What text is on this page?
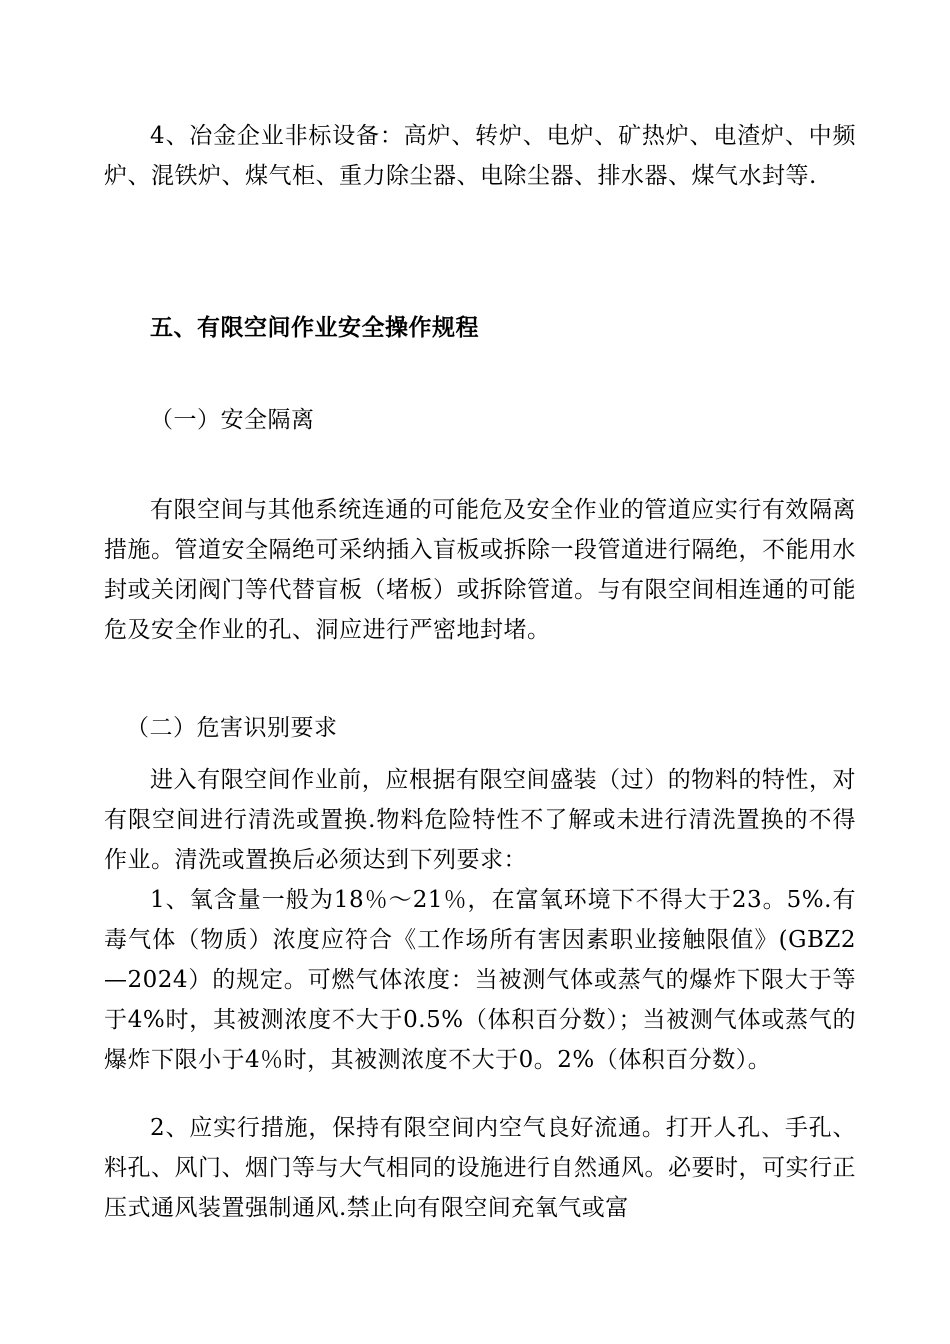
4、冶金企业非标设备：高炉、转炉、电炉、矿热炉、电渣炉、中频炉、混铁炉、煤气柜、重力除尘器、电除尘器、排水器、煤气水封等.

五、有限空间作业安全操作规程

（一）安全隔离

有限空间与其他系统连通的可能危及安全作业的管道应实行有效隔离措施。管道安全隔绝可采纳插入盲板或拆除一段管道进行隔绝，不能用水封或关闭阀门等代替盲板（堵板）或拆除管道。与有限空间相连通的可能危及安全作业的孔、洞应进行严密地封堵。

（二）危害识别要求

进入有限空间作业前，应根据有限空间盛装（过）的物料的特性，对有限空间进行清洗或置换.物料危险特性不了解或未进行清洗置换的不得作业。清洗或置换后必须达到下列要求：

1、氧含量一般为18％～21％，在富氧环境下不得大于23。5%.有毒气体（物质）浓度应符合《工作场所有害因素职业接触限值》(GBZ2—2024）的规定。可燃气体浓度：当被测气体或蒸气的爆炸下限大于等于4%时，其被测浓度不大于0.5%（体积百分数）；当被测气体或蒸气的爆炸下限小于4％时，其被测浓度不大于0。2%（体积百分数）。

2、应实行措施，保持有限空间内空气良好流通。打开人孔、手孔、料孔、风门、烟门等与大气相同的设施进行自然通风。必要时，可实行正压式通风装置强制通风.禁止向有限空间充氧气或富
